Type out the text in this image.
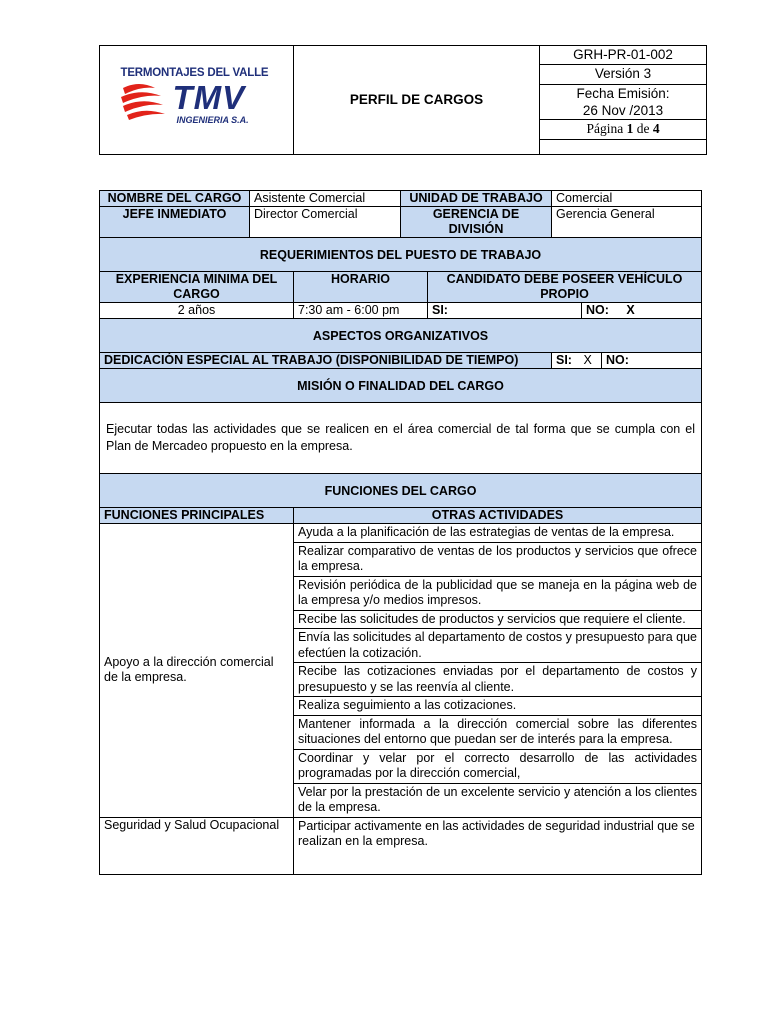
TERMONTAJES DEL VALLE
TMV
INGENIERIA S.A.
	PERFIL DE CARGOS	GRH-PR-01-002
Versión 3
Fecha Emisión:
26 Nov /2013
Página 1 de 4

NOMBRE DEL CARGO	Asistente Comercial		UNIDAD DE TRABAJO		Comercial		
JEFE INMEDIATO	Director Comercial		GERENCIA DE DIVISIÓN		Gerencia General		
REQUERIMIENTOS DEL PUESTO DE TRABAJO							
EXPERIENCIA MINIMA DEL CARGO		HORARIO		CANDIDATO DEBE POSEER VEHÍCULO PROPIO			
2 años		7:30 am - 6:00 pm		SI:		NO: X	
ASPECTOS ORGANIZATIVOS							
DEDICACIÓN ESPECIAL AL TRABAJO (DISPONIBILIDAD DE TIEMPO)					SI: X		NO:
MISIÓN O FINALIDAD DEL CARGO							
Ejecutar todas las actividades que se realicen en el área comercial de tal forma que se cumpla con el Plan de Mercadeo propuesto en la empresa.							
FUNCIONES DEL CARGO							
FUNCIONES PRINCIPALES		OTRAS ACTIVIDADES					
Apoyo a la dirección comercial de la empresa.		Ayuda a la planificación de las estrategias de ventas de la empresa.					
		Realizar comparativo de ventas de los productos y servicios que ofrece la empresa.					
		Revisión periódica de la publicidad que se maneja en la página web de la empresa y/o medios impresos.					
		Recibe las solicitudes de productos y servicios que requiere el cliente.					
		Envía las solicitudes al departamento de costos y presupuesto para que efectúen la cotización.					
		Recibe las cotizaciones enviadas por el departamento de costos y presupuesto y se las reenvía al cliente.					
		Realiza seguimiento a las cotizaciones.					
		Mantener informada a la dirección comercial sobre las diferentes situaciones del entorno que puedan ser de interés para la empresa.					
		Coordinar y velar por el correcto desarrollo de las actividades programadas por la dirección comercial,					
		Velar por la prestación de un excelente servicio y atención a los clientes de la empresa.					
Seguridad y Salud Ocupacional		Participar activamente en las actividades de seguridad industrial que se realizan en la empresa.					
